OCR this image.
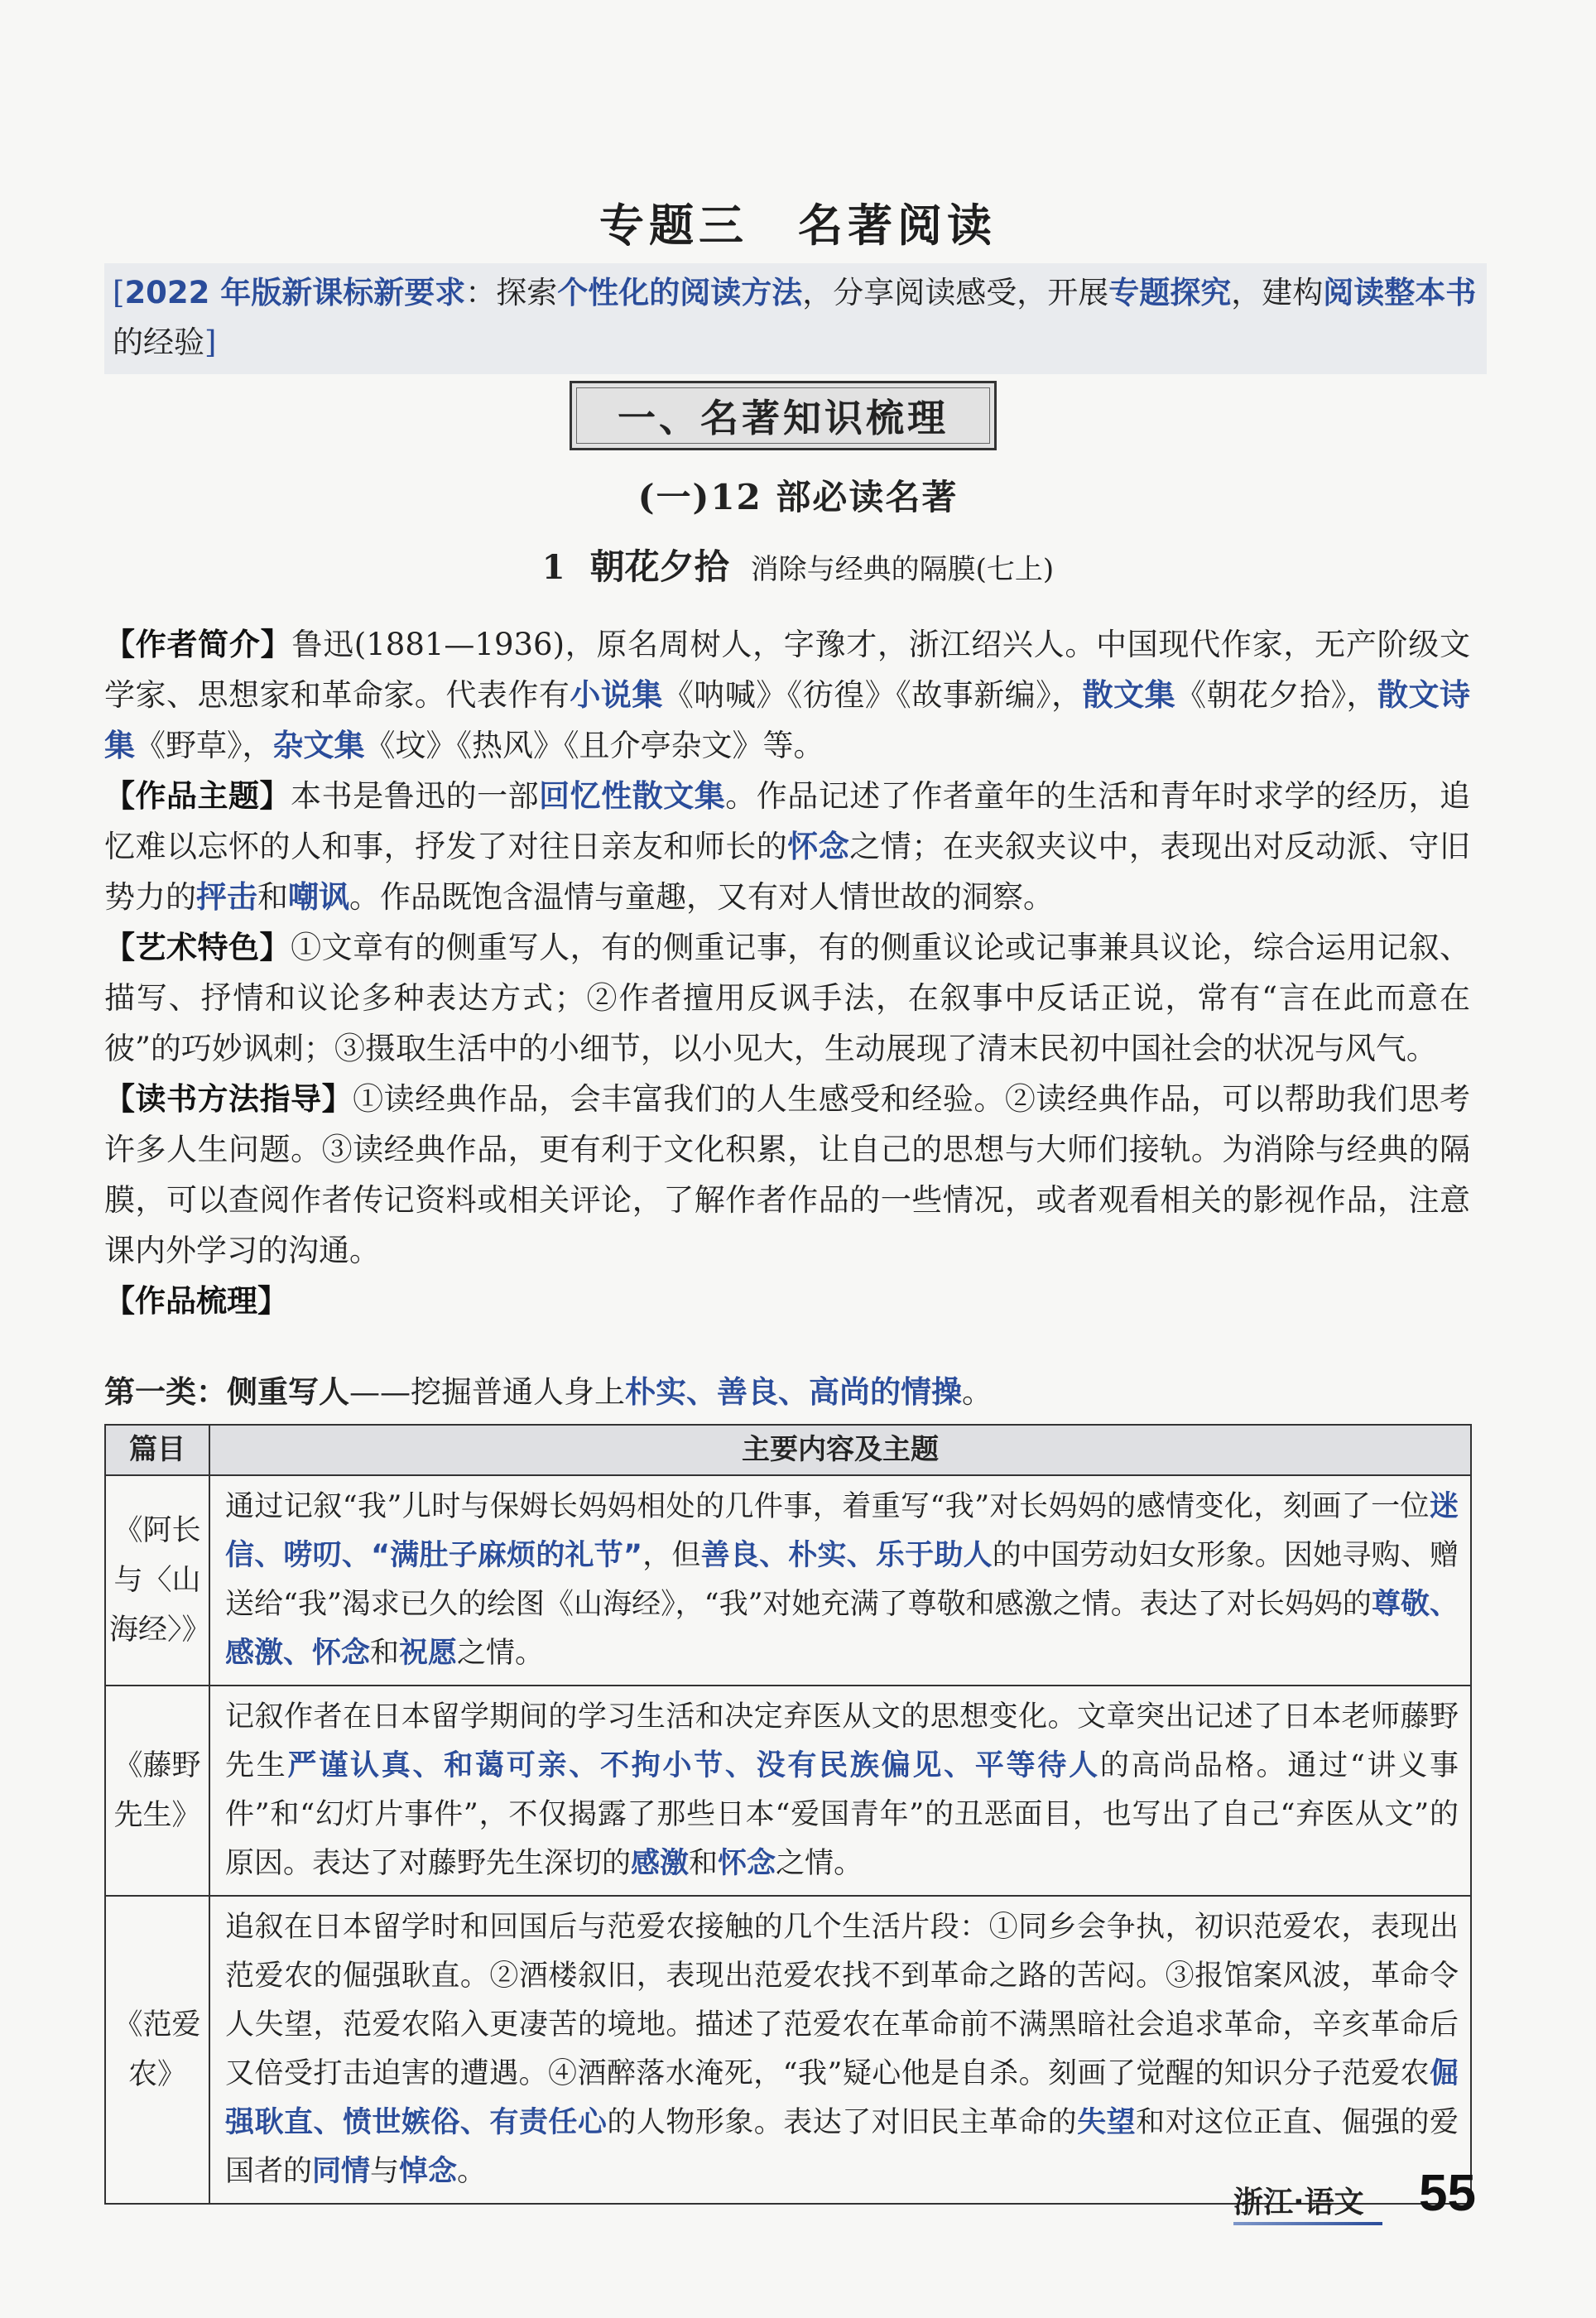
专题三 名著阅读
[2022 年版新课标新要求：探索个性化的阅读方法，分享阅读感受，开展专题探究，建构阅读整本书的经验]
一、名著知识梳理
(一)12 部必读名著
1 朝花夕拾 消除与经典的隔膜(七上)

【作者简介】鲁迅(1881—1936)，原名周树人，字豫才，浙江绍兴人。中国现代作家，无产阶级文学家、思想家和革命家。代表作有小说集《呐喊》《彷徨》《故事新编》，散文集《朝花夕拾》，散文诗集《野草》，杂文集《坟》《热风》《且介亭杂文》等。

【作品主题】本书是鲁迅的一部回忆性散文集。作品记述了作者童年的生活和青年时求学的经历，追忆难以忘怀的人和事，抒发了对往日亲友和师长的怀念之情；在夹叙夹议中，表现出对反动派、守旧势力的抨击和嘲讽。作品既饱含温情与童趣，又有对人情世故的洞察。

【艺术特色】①文章有的侧重写人，有的侧重记事，有的侧重议论或记事兼具议论，综合运用记叙、描写、抒情和议论多种表达方式；②作者擅用反讽手法，在叙事中反话正说，常有“言在此而意在彼”的巧妙讽刺；③摄取生活中的小细节，以小见大，生动展现了清末民初中国社会的状况与风气。

【读书方法指导】①读经典作品，会丰富我们的人生感受和经验。②读经典作品，可以帮助我们思考许多人生问题。③读经典作品，更有利于文化积累，让自己的思想与大师们接轨。为消除与经典的隔膜，可以查阅作者传记资料或相关评论，了解作者作品的一些情况，或者观看相关的影视作品，注意课内外学习的沟通。

【作品梳理】

第一类：侧重写人——挖掘普通人身上朴实、善良、高尚的情操。
篇目	主要内容及主题
《阿长与〈山海经〉》	通过记叙“我”儿时与保姆长妈妈相处的几件事，着重写“我”对长妈妈的感情变化，刻画了一位迷信、唠叨、“满肚子麻烦的礼节”，但善良、朴实、乐于助人的中国劳动妇女形象。因她寻购、赠送给“我”渴求已久的绘图《山海经》，“我”对她充满了尊敬和感激之情。表达了对长妈妈的尊敬、感激、怀念和祝愿之情。
《藤野先生》	记叙作者在日本留学期间的学习生活和决定弃医从文的思想变化。文章突出记述了日本老师藤野先生严谨认真、和蔼可亲、不拘小节、没有民族偏见、平等待人的高尚品格。通过“讲义事件”和“幻灯片事件”，不仅揭露了那些日本“爱国青年”的丑恶面目，也写出了自己“弃医从文”的原因。表达了对藤野先生深切的感激和怀念之情。
《范爱农》	追叙在日本留学时和回国后与范爱农接触的几个生活片段：①同乡会争执，初识范爱农，表现出范爱农的倔强耿直。②酒楼叙旧，表现出范爱农找不到革命之路的苦闷。③报馆案风波，革命令人失望，范爱农陷入更凄苦的境地。描述了范爱农在革命前不满黑暗社会追求革命，辛亥革命后又倍受打击迫害的遭遇。④酒醉落水淹死，“我”疑心他是自杀。刻画了觉醒的知识分子范爱农倔强耿直、愤世嫉俗、有责任心的人物形象。表达了对旧民主革命的失望和对这位正直、倔强的爱国者的同情与悼念。
浙江·语文 55
